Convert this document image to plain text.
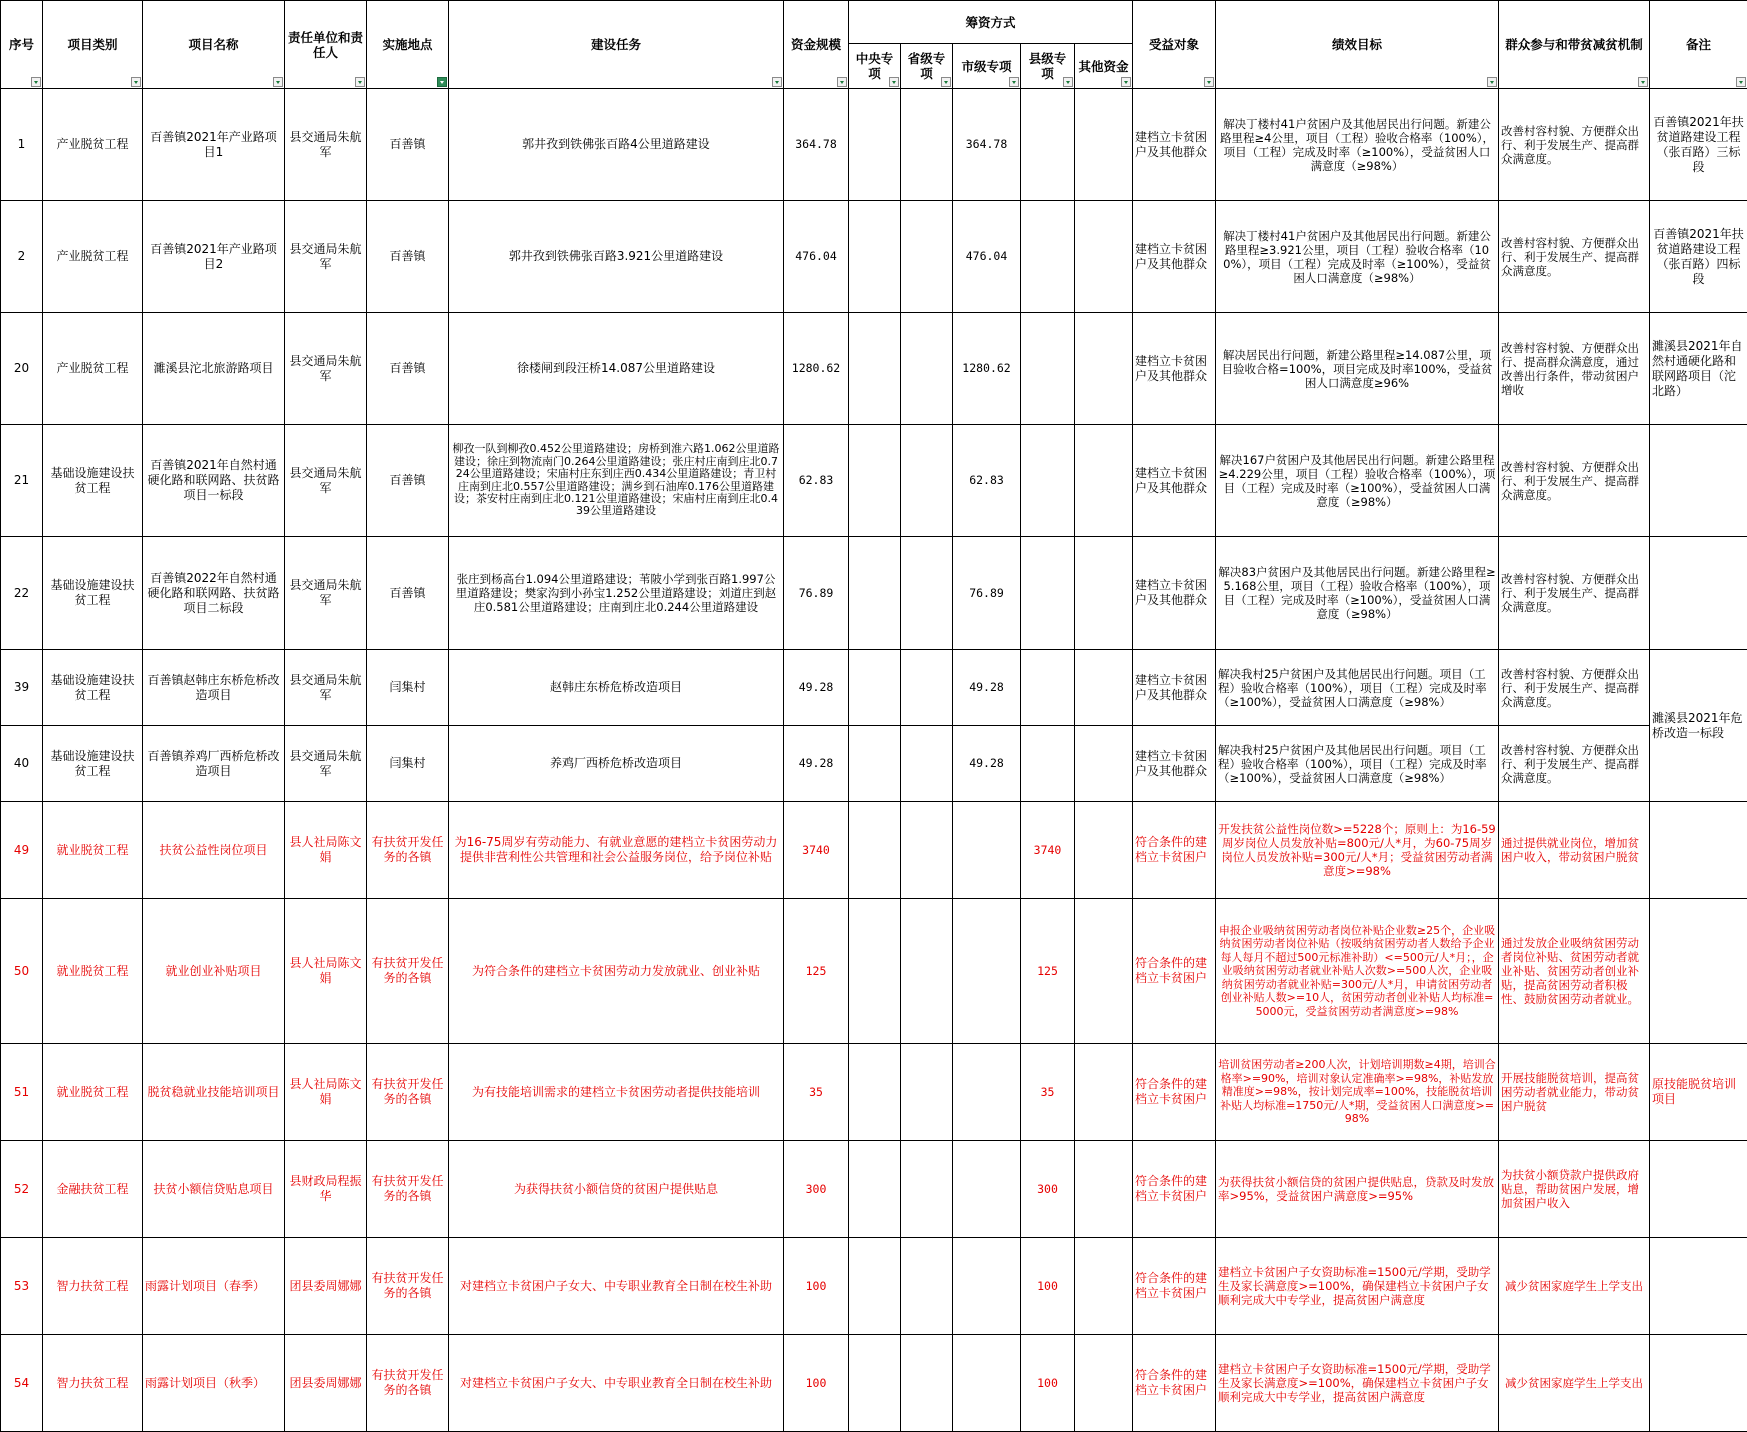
序号	项目类别	项目名称	责任单位和责任人	实施地点	建设任务	资金规模	筹资方式					受益对象	绩效目标	群众参与和带贫减贫机制	备注

							中央专项	省级专项	市级专项	县级专项	其他资金				

1	产业脱贫工程	百善镇2021年产业路项目1	县交通局朱航军	百善镇	郭井孜到铁佛张百路4公里道路建设	364.78			364.78			建档立卡贫困户及其他群众	解决丁楼村41户贫困户及其他居民出行问题。新建公路里程≥4公里，项目（工程）验收合格率（100%），项目（工程）完成及时率（≥100%），受益贫困人口满意度（≥98%）	改善村容村貌、方便群众出行、利于发展生产、提高群众满意度。	百善镇2021年扶贫道路建设工程（张百路）三标段
2	产业脱贫工程	百善镇2021年产业路项目2	县交通局朱航军	百善镇	郭井孜到铁佛张百路3.921公里道路建设	476.04			476.04			建档立卡贫困户及其他群众	解决丁楼村41户贫困户及其他居民出行问题。新建公路里程≥3.921公里，项目（工程）验收合格率（100%），项目（工程）完成及时率（≥100%），受益贫困人口满意度（≥98%）	改善村容村貌、方便群众出行、利于发展生产、提高群众满意度。	百善镇2021年扶贫道路建设工程（张百路）四标段
20	产业脱贫工程	濉溪县沱北旅游路项目	县交通局朱航军	百善镇	徐楼闸到段汪桥14.087公里道路建设	1280.62			1280.62			建档立卡贫困户及其他群众	解决居民出行问题，新建公路里程≥14.087公里，项目验收合格=100%，项目完成及时率100%，受益贫困人口满意度≥96%	改善村容村貌、方便群众出行、提高群众满意度，通过改善出行条件，带动贫困户增收	濉溪县2021年自然村通硬化路和联网路项目（沱北路）
21	基础设施建设扶贫工程	百善镇2021年自然村通硬化路和联网路、扶贫路项目一标段	县交通局朱航军	百善镇	柳孜一队到柳孜0.452公里道路建设；房桥到淮六路1.062公里道路建设；徐庄到物流南门0.264公里道路建设；张庄村庄南到庄北0.724公里道路建设；宋庙村庄东到庄西0.434公里道路建设；青卫村庄南到庄北0.557公里道路建设；满乡到石油库0.176公里道路建设；茶安村庄南到庄北0.121公里道路建设；宋庙村庄南到庄北0.439公里道路建设	62.83			62.83			建档立卡贫困户及其他群众	解决167户贫困户及其他居民出行问题。新建公路里程≥4.229公里，项目（工程）验收合格率（100%），项目（工程）完成及时率（≥100%），受益贫困人口满意度（≥98%）	改善村容村貌、方便群众出行、利于发展生产、提高群众满意度。	
22	基础设施建设扶贫工程	百善镇2022年自然村通硬化路和联网路、扶贫路项目二标段	县交通局朱航军	百善镇	张庄到杨高台1.094公里道路建设；苇陂小学到张百路1.997公里道路建设；樊家沟到小孙宝1.252公里道路建设；刘道庄到赵庄0.581公里道路建设；庄南到庄北0.244公里道路建设	76.89			76.89			建档立卡贫困户及其他群众	解决83户贫困户及其他居民出行问题。新建公路里程≥5.168公里，项目（工程）验收合格率（100%），项目（工程）完成及时率（≥100%），受益贫困人口满意度（≥98%）	改善村容村貌、方便群众出行、利于发展生产、提高群众满意度。	
39	基础设施建设扶贫工程	百善镇赵韩庄东桥危桥改造项目	县交通局朱航军	闫集村	赵韩庄东桥危桥改造项目	49.28			49.28			建档立卡贫困户及其他群众	解决我村25户贫困户及其他居民出行问题。项目（工程）验收合格率（100%），项目（工程）完成及时率（≥100%），受益贫困人口满意度（≥98%）	改善村容村貌、方便群众出行、利于发展生产、提高群众满意度。	濉溪县2021年危桥改造一标段
40	基础设施建设扶贫工程	百善镇养鸡厂西桥危桥改造项目	县交通局朱航军	闫集村	养鸡厂西桥危桥改造项目	49.28			49.28			建档立卡贫困户及其他群众	解决我村25户贫困户及其他居民出行问题。项目（工程）验收合格率（100%），项目（工程）完成及时率（≥100%），受益贫困人口满意度（≥98%）	改善村容村貌、方便群众出行、利于发展生产、提高群众满意度。	
49	就业脱贫工程	扶贫公益性岗位项目	县人社局陈文娟	有扶贫开发任务的各镇	为16-75周岁有劳动能力、有就业意愿的建档立卡贫困劳动力提供非营利性公共管理和社会公益服务岗位，给予岗位补贴	3740				3740		符合条件的建档立卡贫困户	开发扶贫公益性岗位数>=5228个；原则上：为16-59周岁岗位人员发放补贴=800元/人*月，为60-75周岁岗位人员发放补贴=300元/人*月；受益贫困劳动者满意度>=98%	通过提供就业岗位，增加贫困户收入，带动贫困户脱贫	
50	就业脱贫工程	就业创业补贴项目	县人社局陈文娟	有扶贫开发任务的各镇	为符合条件的建档立卡贫困劳动力发放就业、创业补贴	125				125		符合条件的建档立卡贫困户	申报企业吸纳贫困劳动者岗位补贴企业数≥25个，企业吸纳贫困劳动者岗位补贴（按吸纳贫困劳动者人数给予企业每人每月不超过500元标准补助）<=500元/人*月；，企业吸纳贫困劳动者就业补贴人次数>=500人次，企业吸纳贫困劳动者就业补贴=300元/人*月，申请贫困劳动者创业补贴人数>=10人，贫困劳动者创业补贴人均标准=5000元，受益贫困劳动者满意度>=98%	通过发放企业吸纳贫困劳动者岗位补贴、贫困劳动者就业补贴、贫困劳动者创业补贴，提高贫困劳动者积极性、鼓励贫困劳动者就业。	
51	就业脱贫工程	脱贫稳就业技能培训项目	县人社局陈文娟	有扶贫开发任务的各镇	为有技能培训需求的建档立卡贫困劳动者提供技能培训	35				35		符合条件的建档立卡贫困户	培训贫困劳动者≥200人次，计划培训期数≥4期，培训合格率>=90%，培训对象认定准确率>=98%，补贴发放精准度>=98%，按计划完成率=100%，技能脱贫培训补贴人均标准=1750元/人*期，受益贫困人口满意度>=98%	开展技能脱贫培训，提高贫困劳动者就业能力，带动贫困户脱贫	原技能脱贫培训项目
52	金融扶贫工程	扶贫小额信贷贴息项目	县财政局程振华	有扶贫开发任务的各镇	为获得扶贫小额信贷的贫困户提供贴息	300				300		符合条件的建档立卡贫困户	为获得扶贫小额信贷的贫困户提供贴息，贷款及时发放率>95%，受益贫困户满意度>=95%	为扶贫小额贷款户提供政府贴息，帮助贫困户发展，增加贫困户收入	
53	智力扶贫工程	雨露计划项目（春季）	团县委周娜娜	有扶贫开发任务的各镇	对建档立卡贫困户子女大、中专职业教育全日制在校生补助	100				100		符合条件的建档立卡贫困户	建档立卡贫困户子女资助标准=1500元/学期，受助学生及家长满意度>=100%，确保建档立卡贫困户子女顺利完成大中专学业，提高贫困户满意度	减少贫困家庭学生上学支出	
54	智力扶贫工程	雨露计划项目（秋季）	团县委周娜娜	有扶贫开发任务的各镇	对建档立卡贫困户子女大、中专职业教育全日制在校生补助	100				100		符合条件的建档立卡贫困户	建档立卡贫困户子女资助标准=1500元/学期，受助学生及家长满意度>=100%，确保建档立卡贫困户子女顺利完成大中专学业，提高贫困户满意度	减少贫困家庭学生上学支出	
